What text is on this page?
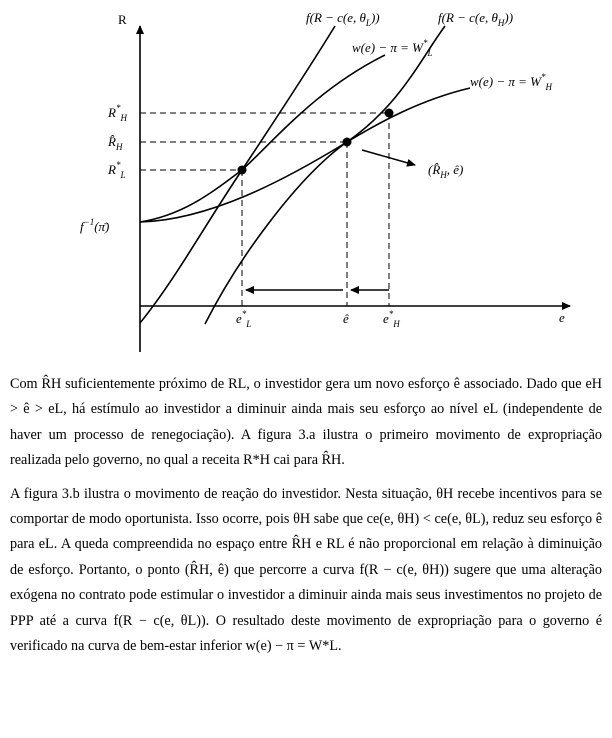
R
e
$R^*_H$
$R̂_H$
$R^*_L$
$f^{-1}(\pī)$
$e^*_L$	ê	$e^*_H$
f(R − c(e, $\theta_L$))	f(R − c(e, $\theta_H$))
$w(e) - \pi = W^*_L$
$w(e) - \pi = W^*_H$
($R̂_H$, ê)

Com R̂H suficientemente próximo de RL, o investidor gera um novo esforço ê associado. Dado que eH > ê > eL, há estímulo ao investidor a diminuir ainda mais seu esforço ao nível eL (independente de haver um processo de renegociação). A figura 3.a ilustra o primeiro movimento de expropriação realizada pelo governo, no qual a receita R*H cai para R̂H.

A figura 3.b ilustra o movimento de reação do investidor. Nesta situação, θH recebe incentivos para se comportar de modo oportunista. Isso ocorre, pois θH sabe que ce(e, θH) < ce(e, θL), reduz seu esforço ê para eL. A queda compreendida no espaço entre R̂H e RL é não proporcional em relação à diminuição de esforço. Portanto, o ponto (R̂H, ê) que percorre a curva f(R − c(e, θH)) sugere que uma alteração exógena no contrato pode estimular o investidor a diminuir ainda mais seus investimentos no projeto de PPP até a curva f(R − c(e, θL)). O resultado deste movimento de expropriação para o governo é verificado na curva de bem-estar inferior w(e) − π = W*L.
